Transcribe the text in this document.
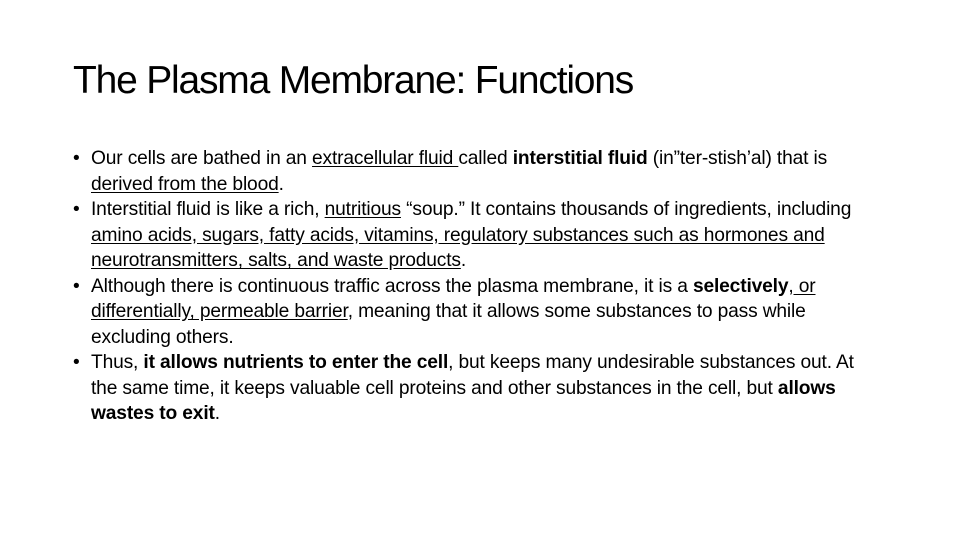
The Plasma Membrane: Functions
• Our cells are bathed in an extracellular fluid called interstitial fluid (in”ter-stish’al) that is derived from the blood.
• Interstitial fluid is like a rich, nutritious “soup.” It contains thousands of ingredients, including amino acids, sugars, fatty acids, vitamins, regulatory substances such as hormones and neurotransmitters, salts, and waste products.
• Although there is continuous traffic across the plasma membrane, it is a selectively, or differentially, permeable barrier, meaning that it allows some substances to pass while excluding others.
• Thus, it allows nutrients to enter the cell, but keeps many undesirable substances out. At the same time, it keeps valuable cell proteins and other substances in the cell, but allows wastes to exit.
